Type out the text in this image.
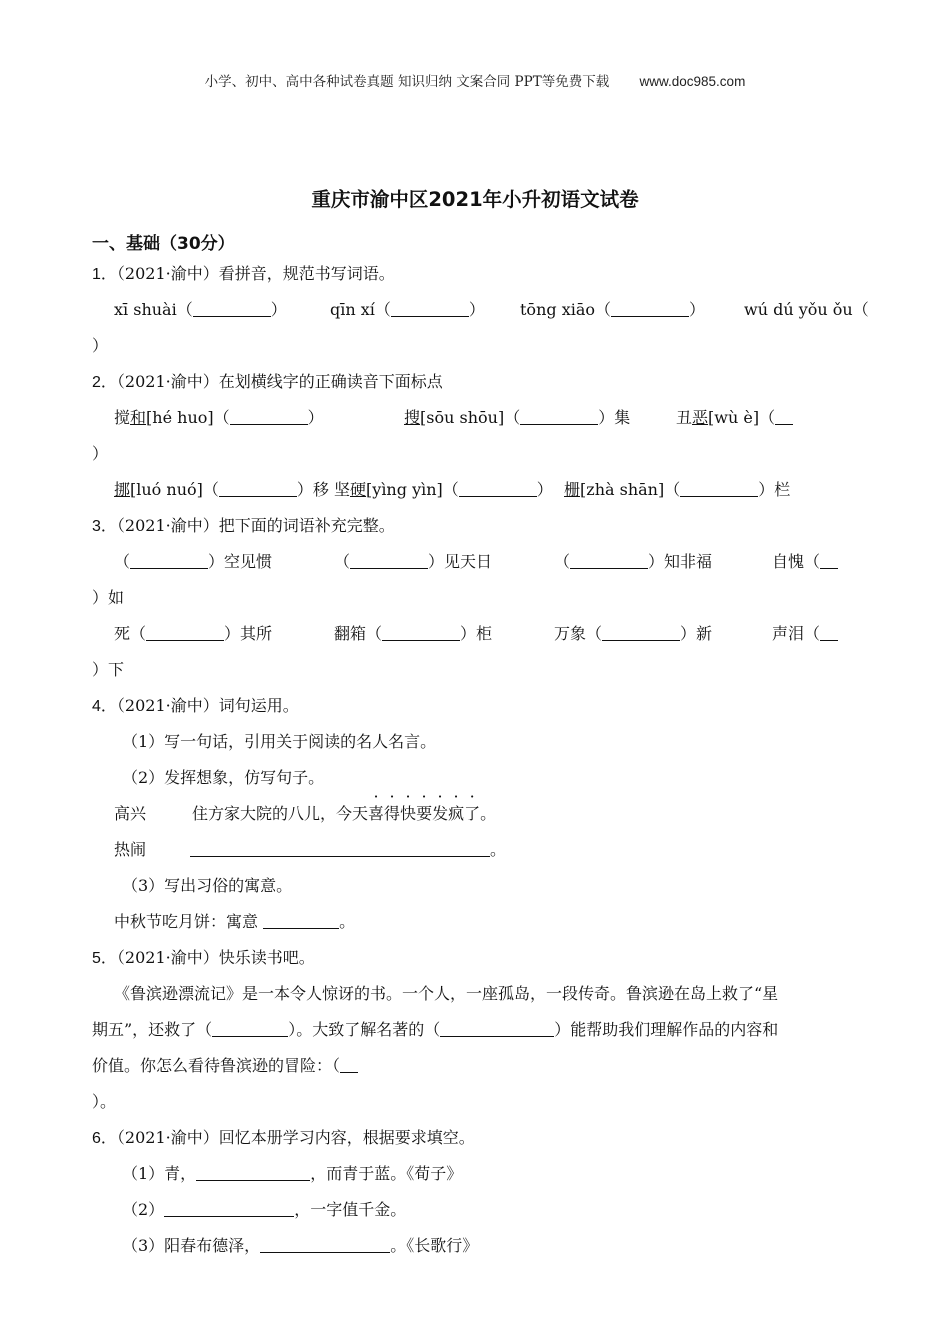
小学、初中、高中各种试卷真题 知识归纳 文案合同 PPT等免费下载 www.doc985.com
重庆市渝中区2021年小升初语文试卷
一、基础（30分）
1．（2021·渝中）看拼音，规范书写词语。
xī shuài（	）	qīn xí（	） tōng xiāo（	） wú dú yǒu ǒu（
）
2．（2021·渝中）在划横线字的正确读音下面标点
搅和[hé huo]（	）	搜[sōu shōu]（	）集	丑恶[wù è]（
）
挪[luó nuó]（	）移 坚硬[yìng yìn]（	） 栅[zhà shān]（	）栏
3．（2021·渝中）把下面的词语补充完整。
（	）空见惯	（	）见天日	（	）知非福	自愧（
）如
死（	）其所	翻箱（	）柜	万象（	）新	声泪（
）下
4．（2021·渝中）词句运用。
（1）写一句话，引用关于阅读的名人名言。
（2）发挥想象，仿写句子。
高兴	住方家大院的八儿，今天喜得快要发疯了。
热闹	。
（3）写出习俗的寓意。
中秋节吃月饼：寓意	。
5．（2021·渝中）快乐读书吧。
《鲁滨逊漂流记》是一本令人惊讶的书。一个人，一座孤岛，一段传奇。鲁滨逊在岛上救了“星
期五”，还救了（	）。大致了解名著的（	）能帮助我们理解作品的内容和
价值。你怎么看待鲁滨逊的冒险：（
）。
6．（2021·渝中）回忆本册学习内容，根据要求填空。
（1）青，	，而青于蓝。《荀子》
（2）	，一字值千金。
（3）阳春布德泽，	。《长歌行》
